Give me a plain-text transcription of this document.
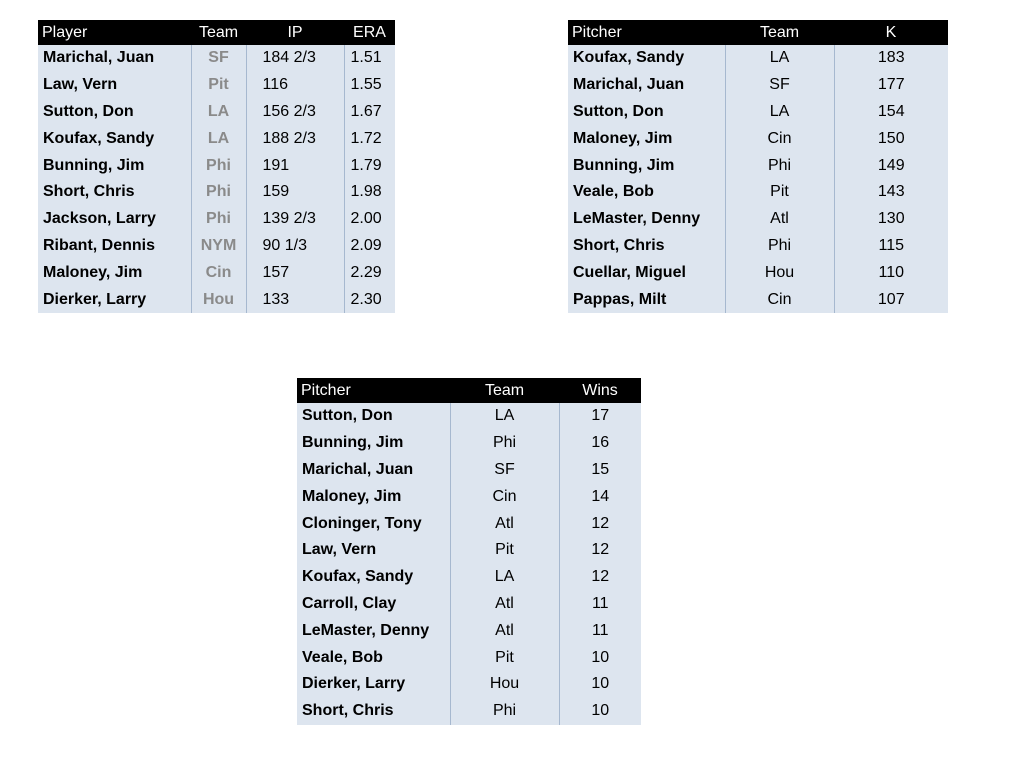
Player	Team	IP	ERA
Marichal, Juan	SF	184 2/3	1.51
Law, Vern	Pit	116	1.55
Sutton, Don	LA	156 2/3	1.67
Koufax, Sandy	LA	188 2/3	1.72
Bunning, Jim	Phi	191	1.79
Short, Chris	Phi	159	1.98
Jackson, Larry	Phi	139 2/3	2.00
Ribant, Dennis	NYM	90 1/3	2.09
Maloney, Jim	Cin	157	2.29
Dierker, Larry	Hou	133	2.30
Pitcher	Team	K
Koufax, Sandy	LA	183
Marichal, Juan	SF	177
Sutton, Don	LA	154
Maloney, Jim	Cin	150
Bunning, Jim	Phi	149
Veale, Bob	Pit	143
LeMaster, Denny	Atl	130
Short, Chris	Phi	115
Cuellar, Miguel	Hou	110
Pappas, Milt	Cin	107
Pitcher	Team	Wins
Sutton, Don	LA	17
Bunning, Jim	Phi	16
Marichal, Juan	SF	15
Maloney, Jim	Cin	14
Cloninger, Tony	Atl	12
Law, Vern	Pit	12
Koufax, Sandy	LA	12
Carroll, Clay	Atl	11
LeMaster, Denny	Atl	11
Veale, Bob	Pit	10
Dierker, Larry	Hou	10
Short, Chris	Phi	10
